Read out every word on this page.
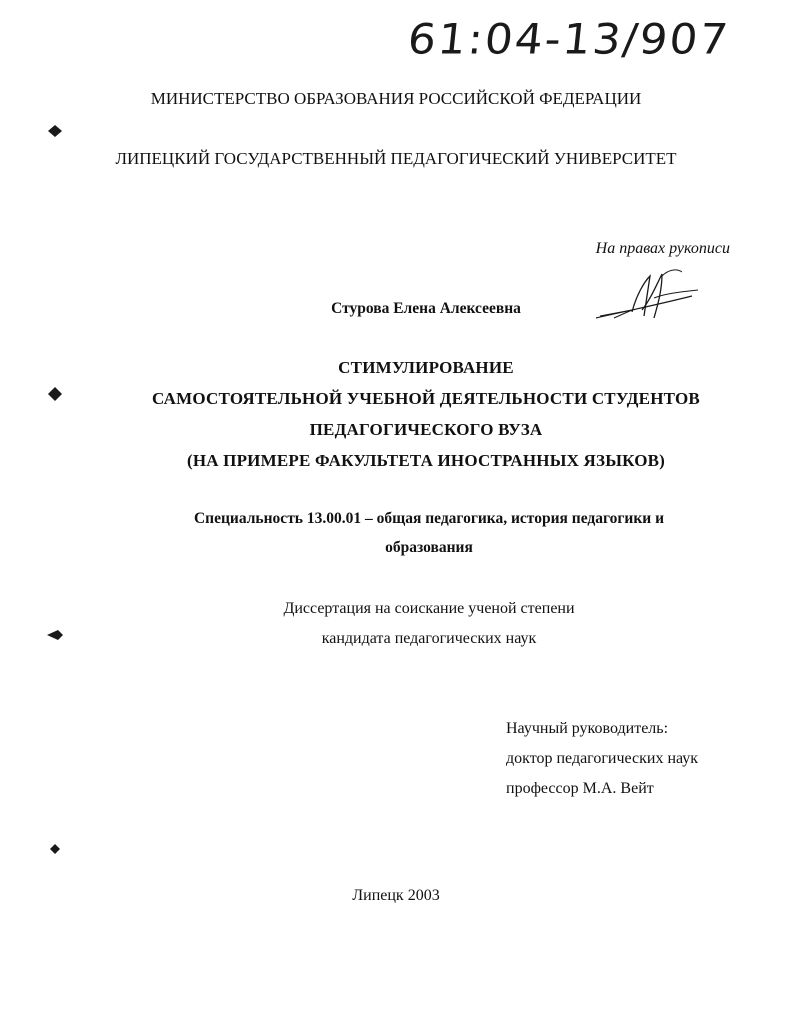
61:04-13/907
МИНИСТЕРСТВО ОБРАЗОВАНИЯ РОССИЙСКОЙ ФЕДЕРАЦИИ
ЛИПЕЦКИЙ ГОСУДАРСТВЕННЫЙ ПЕДАГОГИЧЕСКИЙ УНИВЕРСИТЕТ
На правах рукописи
Стурова Елена Алексеевна
СТИМУЛИРОВАНИЕ
САМОСТОЯТЕЛЬНОЙ УЧЕБНОЙ ДЕЯТЕЛЬНОСТИ СТУДЕНТОВ
ПЕДАГОГИЧЕСКОГО ВУЗА
(НА ПРИМЕРЕ ФАКУЛЬТЕТА ИНОСТРАННЫХ ЯЗЫКОВ)
Специальность 13.00.01 – общая педагогика, история педагогики и
образования
Диссертация на соискание ученой степени
кандидата педагогических наук
Научный руководитель:
доктор педагогических наук
профессор М.А. Вейт
Липецк 2003
